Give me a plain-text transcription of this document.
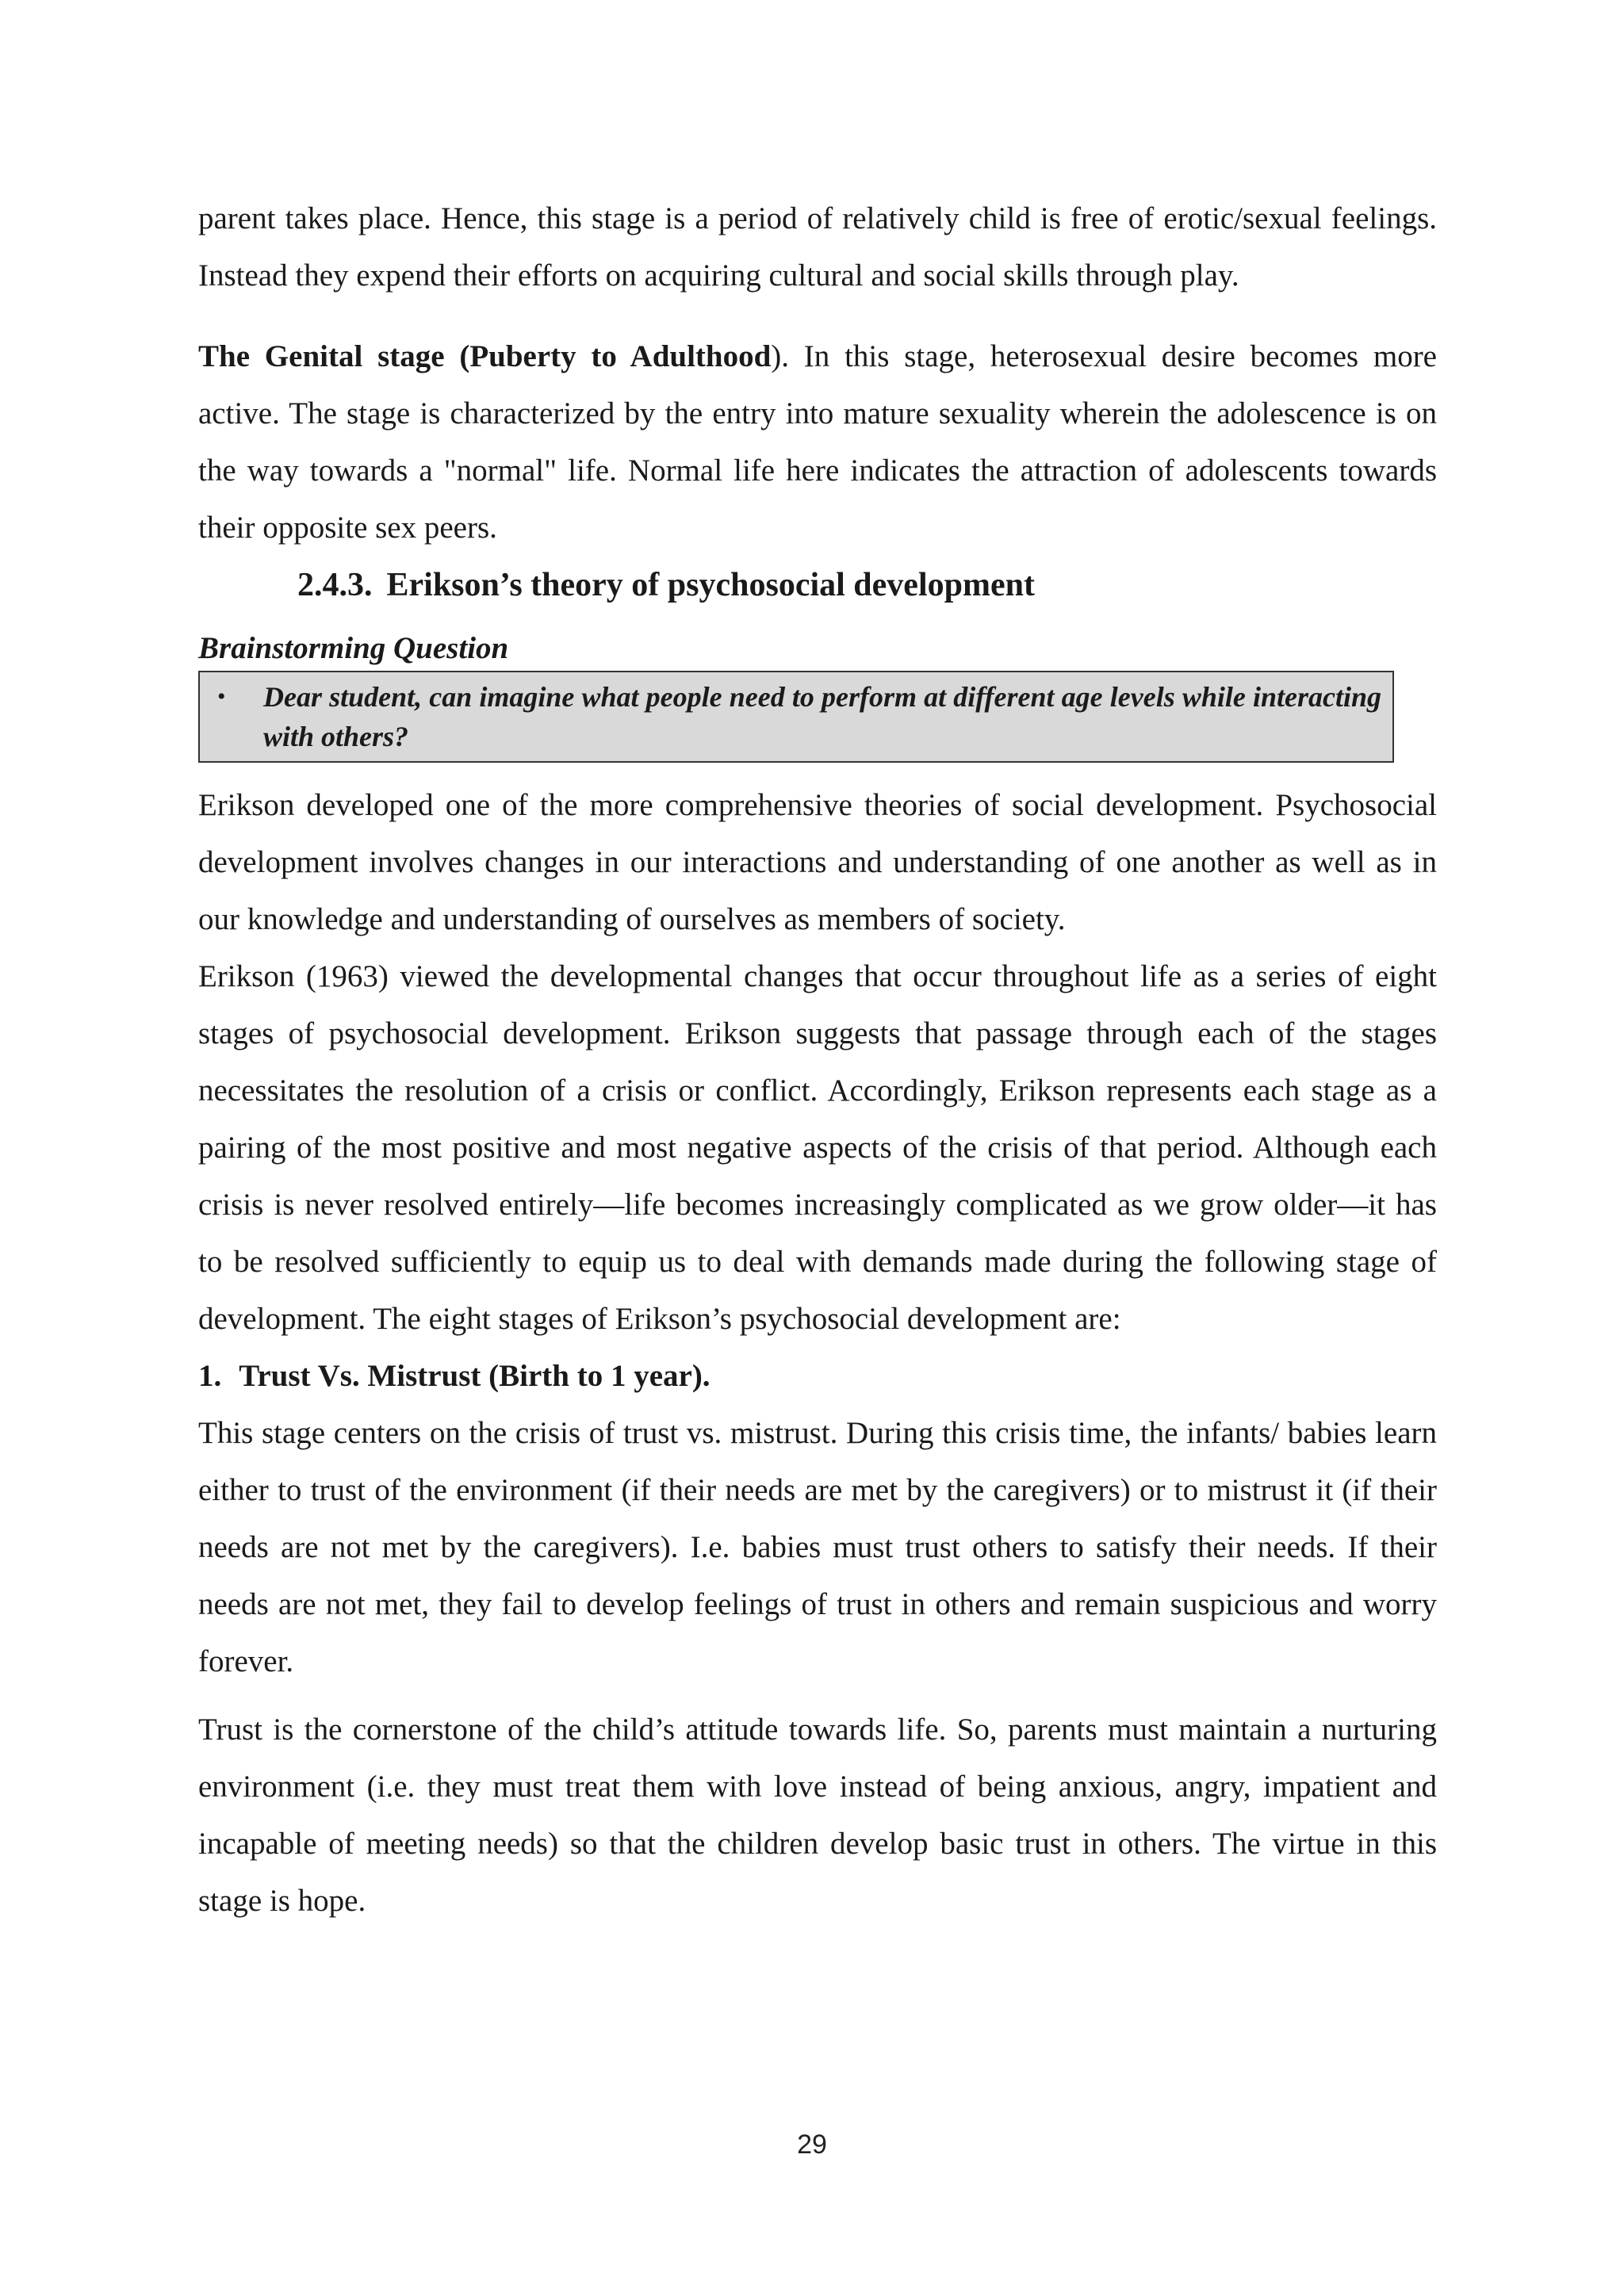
parent takes place. Hence, this stage is a period of relatively child is free of erotic/sexual feelings. Instead they expend their efforts on acquiring cultural and social skills through play.

The Genital stage (Puberty to Adulthood). In this stage, heterosexual desire becomes more active. The stage is characterized by the entry into mature sexuality wherein the adolescence is on the way towards a "normal" life. Normal life here indicates the attraction of adolescents towards their opposite sex peers.

2.4.3. Erikson’s theory of psychosocial development
Brainstorming Question
•	Dear student, can imagine what people need to perform at different age levels while interacting with others?

Erikson developed one of the more comprehensive theories of social development. Psychosocial development involves changes in our interactions and understanding of one another as well as in our knowledge and understanding of ourselves as members of society.

Erikson (1963) viewed the developmental changes that occur throughout life as a series of eight stages of psychosocial development. Erikson suggests that passage through each of the stages necessitates the resolution of a crisis or conflict. Accordingly, Erikson represents each stage as a pairing of the most positive and most negative aspects of the crisis of that period. Although each crisis is never resolved entirely—life becomes increasingly complicated as we grow older—it has to be resolved sufficiently to equip us to deal with demands made during the following stage of development. The eight stages of Erikson’s psychosocial development are:

1. Trust Vs. Mistrust (Birth to 1 year).

This stage centers on the crisis of trust vs. mistrust. During this crisis time, the infants/ babies learn either to trust of the environment (if their needs are met by the caregivers) or to mistrust it (if their needs are not met by the caregivers). I.e. babies must trust others to satisfy their needs. If their needs are not met, they fail to develop feelings of trust in others and remain suspicious and worry forever.

Trust is the cornerstone of the child’s attitude towards life. So, parents must maintain a nurturing environment (i.e. they must treat them with love instead of being anxious, angry, impatient and incapable of meeting needs) so that the children develop basic trust in others. The virtue in this stage is hope.

29
